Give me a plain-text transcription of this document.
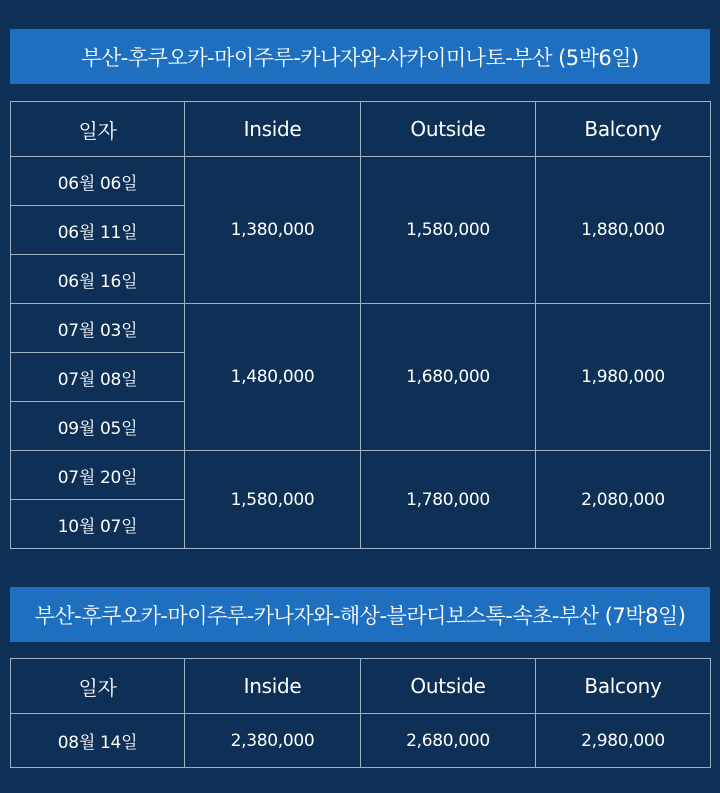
부산-후쿠오카-마이주루-카나자와-사카이미나토-부산 (5박6일)
일자	Inside	Outside	Balcony
06월 06일	1,380,000	1,580,000	1,880,000
06월 11일			
06월 16일			
07월 03일	1,480,000	1,680,000	1,980,000
07월 08일			
09월 05일			
07월 20일	1,580,000	1,780,000	2,080,000
10월 07일			
부산-후쿠오카-마이주루-카나자와-해상-블라디보스톡-속초-부산 (7박8일)
일자	Inside	Outside	Balcony
08월 14일	2,380,000	2,680,000	2,980,000
